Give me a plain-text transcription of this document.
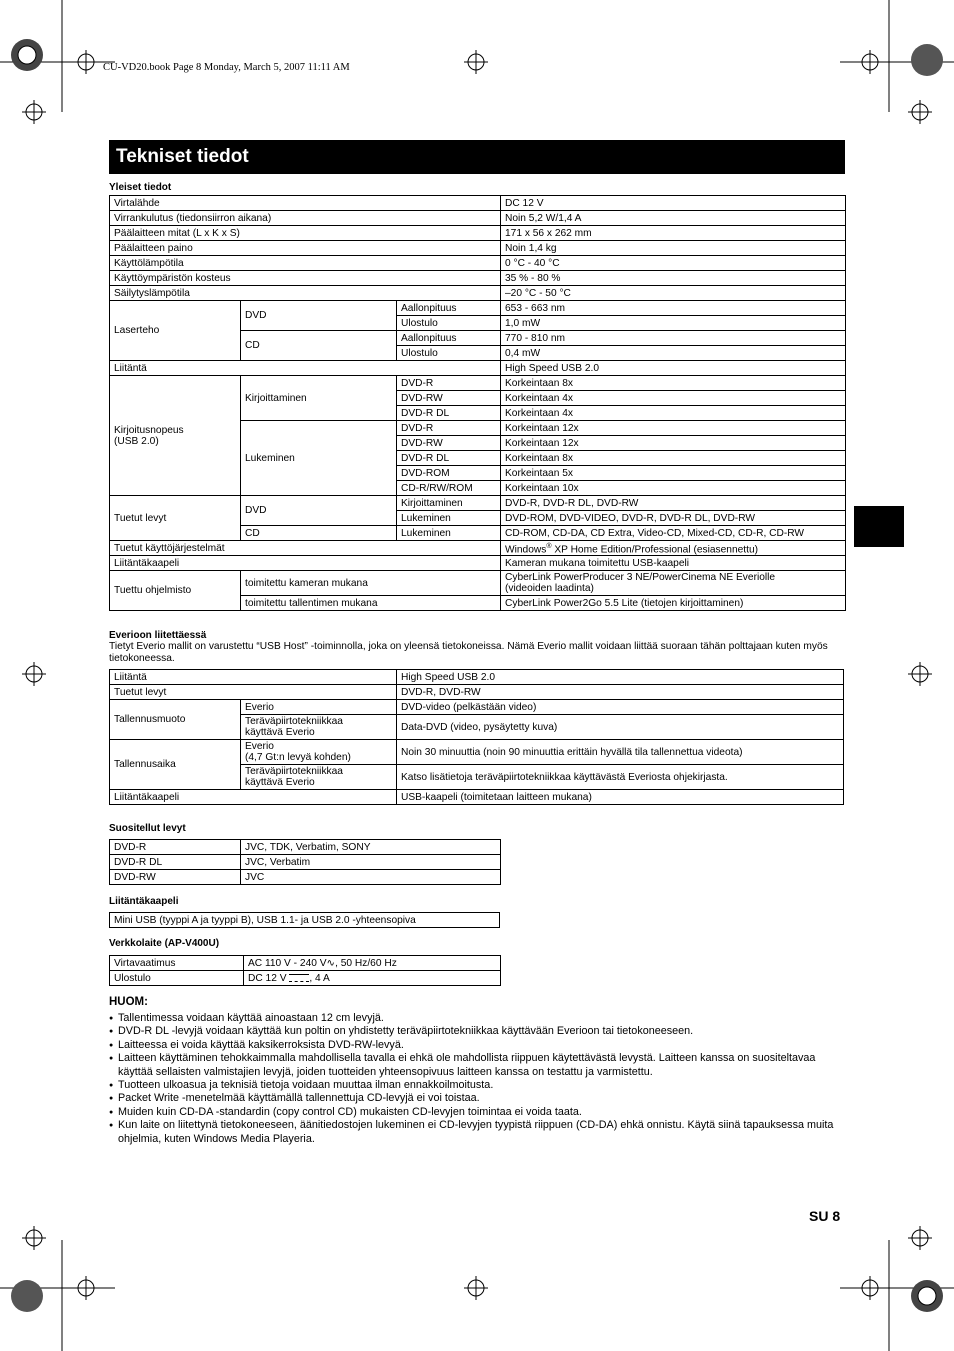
CU-VD20.book Page 8 Monday, March 5, 2007 11:11 AM
Tekniset tiedot
Yleiset tiedot
Virtalähde			DC 12 V
Virrankulutus (tiedonsiirron aikana)			Noin 5,2 W/1,4 A
Päälaitteen mitat (L x K x S)			171 x 56 x 262 mm
Päälaitteen paino			Noin 1,4 kg
Käyttölämpötila			0 °C - 40 °C
Käyttöympäristön kosteus			35 % - 80 %
Säilytyslämpötila			–20 °C - 50 °C
Laserteho	DVD	Aallonpituus	653 - 663 nm
		Ulostulo	1,0 mW
	CD	Aallonpituus	770 - 810 nm
		Ulostulo	0,4 mW
Liitäntä			High Speed USB 2.0
Kirjoitusnopeus
(USB 2.0)	Kirjoittaminen	DVD-R	Korkeintaan 8x
		DVD-RW	Korkeintaan 4x
		DVD-R DL	Korkeintaan 4x
	Lukeminen	DVD-R	Korkeintaan 12x
		DVD-RW	Korkeintaan 12x
		DVD-R DL	Korkeintaan 8x
		DVD-ROM	Korkeintaan 5x
		CD-R/RW/ROM	Korkeintaan 10x
Tuetut levyt	DVD	Kirjoittaminen	DVD-R, DVD-R DL, DVD-RW
		Lukeminen	DVD-ROM, DVD-VIDEO, DVD-R, DVD-R DL, DVD-RW
	CD	Lukeminen	CD-ROM, CD-DA, CD Extra, Video-CD, Mixed-CD, CD-R, CD-RW
Tuetut käyttöjärjestelmät			Windows® XP Home Edition/Professional (esiasennettu)
Liitäntäkaapeli			Kameran mukana toimitettu USB-kaapeli
Tuettu ohjelmisto	toimitettu kameran mukana		CyberLink PowerProducer 3 NE/PowerCinema NE Everiolle
(videoiden laadinta)
	toimitettu tallentimen mukana		CyberLink Power2Go 5.5 Lite (tietojen kirjoittaminen)
Everioon liitettäessä
Tietyt Everio mallit on varustettu “USB Host” -toiminnolla, joka on yleensä tietokoneissa. Nämä Everio mallit voidaan liittää suoraan tähän polttajaan kuten myös tietokoneessa.
Liitäntä		High Speed USB 2.0
Tuetut levyt		DVD-R, DVD-RW
Tallennusmuoto	Everio	DVD-video (pelkästään video)
	Teräväpiirtotekniikkaa
käyttävä Everio	Data-DVD (video, pysäytetty kuva)
Tallennusaika	Everio
(4,7 Gt:n levyä kohden)	Noin 30 minuuttia (noin 90 minuuttia erittäin hyvällä tila tallennettua videota)
	Teräväpiirtotekniikkaa
käyttävä Everio	Katso lisätietoja teräväpiirtotekniikkaa käyttävästä Everiosta ohjekirjasta.
Liitäntäkaapeli		USB-kaapeli (toimitetaan laitteen mukana)
Suositellut levyt
DVD-R	JVC, TDK, Verbatim, SONY
DVD-R DL	JVC, Verbatim
DVD-RW	JVC
Liitäntäkaapeli
Mini USB (tyyppi A ja tyyppi B), USB 1.1- ja USB 2.0 -yhteensopiva
Verkkolaite (AP-V400U)
Virtavaatimus	AC 110 V - 240 V∿, 50 Hz/60 Hz
Ulostulo	DC 12 V , 4 A
HUOM:
● Tallentimessa voidaan käyttää ainoastaan 12 cm levyjä.
● DVD-R DL -levyjä voidaan käyttää kun poltin on yhdistetty teräväpiirtotekniikkaa käyttävään Everioon tai tietokoneeseen.
● Laitteessa ei voida käyttää kaksikerroksista DVD-RW-levyä.
● Laitteen käyttäminen tehokkaimmalla mahdollisella tavalla ei ehkä ole mahdollista riippuen käytettävästä levystä. Laitteen kanssa on suositeltavaa käyttää sellaisten valmistajien levyjä, joiden tuotteiden yhteensopivuus laitteen kanssa on testattu ja varmistettu.
● Tuotteen ulkoasua ja teknisiä tietoja voidaan muuttaa ilman ennakkoilmoitusta.
● Packet Write -menetelmää käyttämällä tallennettuja CD-levyjä ei voi toistaa.
● Muiden kuin CD-DA -standardin (copy control CD) mukaisten CD-levyjen toimintaa ei voida taata.
● Kun laite on liitettynä tietokoneeseen, äänitiedostojen lukeminen ei CD-levyjen tyypistä riippuen (CD-DA) ehkä onnistu. Käytä siinä tapauksessa muita ohjelmia, kuten Windows Media Playeria.
SU 8
